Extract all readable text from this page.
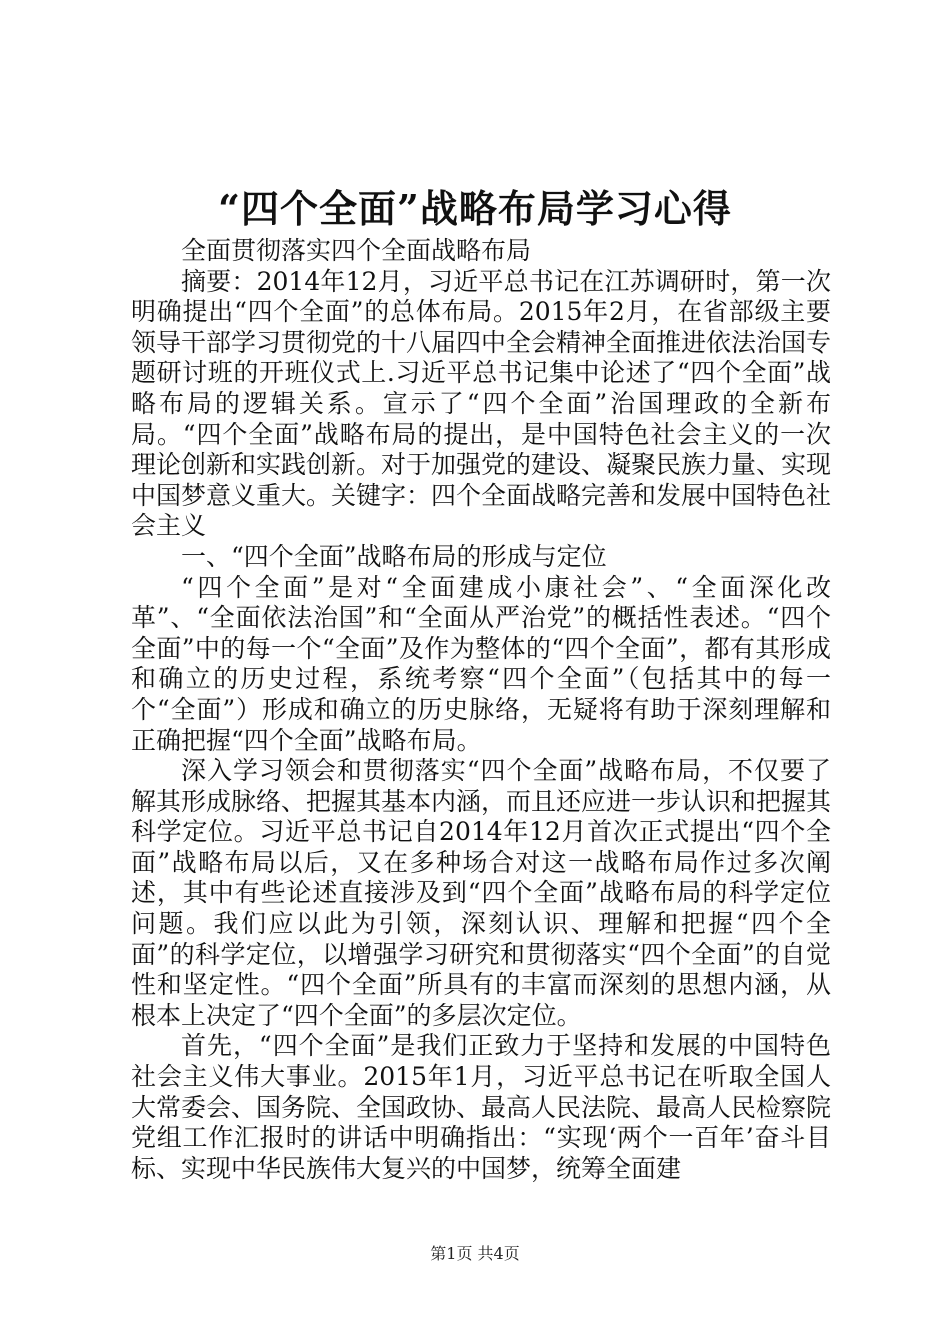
“四个全面”战略布局学习心得

全面贯彻落实四个全面战略布局

摘要：2014年12月，习近平总书记在江苏调研时，第一次明确提出“四个全面”的总体布局。2015年2月，在省部级主要领导干部学习贯彻党的十八届四中全会精神全面推进依法治国专题研讨班的开班仪式上.习近平总书记集中论述了“四个全面”战略布局的逻辑关系。宣示了“四个全面”治国理政的全新布局。“四个全面”战略布局的提出，是中国特色社会主义的一次理论创新和实践创新。对于加强党的建设、凝聚民族力量、实现中国梦意义重大。关键字：四个全面战略完善和发展中国特色社会主义

一、“四个全面”战略布局的形成与定位

“四个全面”是对“全面建成小康社会”、“全面深化改革”、“全面依法治国”和“全面从严治党”的概括性表述。“四个全面”中的每一个“全面”及作为整体的“四个全面”，都有其形成和确立的历史过程，系统考察“四个全面”（包括其中的每一个“全面”）形成和确立的历史脉络，无疑将有助于深刻理解和正确把握“四个全面”战略布局。

深入学习领会和贯彻落实“四个全面”战略布局，不仅要了解其形成脉络、把握其基本内涵，而且还应进一步认识和把握其科学定位。习近平总书记自2014年12月首次正式提出“四个全面”战略布局以后，又在多种场合对这一战略布局作过多次阐述，其中有些论述直接涉及到“四个全面”战略布局的科学定位问题。我们应以此为引领，深刻认识、理解和把握“四个全面”的科学定位，以增强学习研究和贯彻落实“四个全面”的自觉性和坚定性。“四个全面”所具有的丰富而深刻的思想内涵，从根本上决定了“四个全面”的多层次定位。

首先，“四个全面”是我们正致力于坚持和发展的中国特色社会主义伟大事业。2015年1月，习近平总书记在听取全国人大常委会、国务院、全国政协、最高人民法院、最高人民检察院党组工作汇报时的讲话中明确指出：“实现‘两个一百年’奋斗目标、实现中华民族伟大复兴的中国梦，统筹全面建

第1页 共4页
